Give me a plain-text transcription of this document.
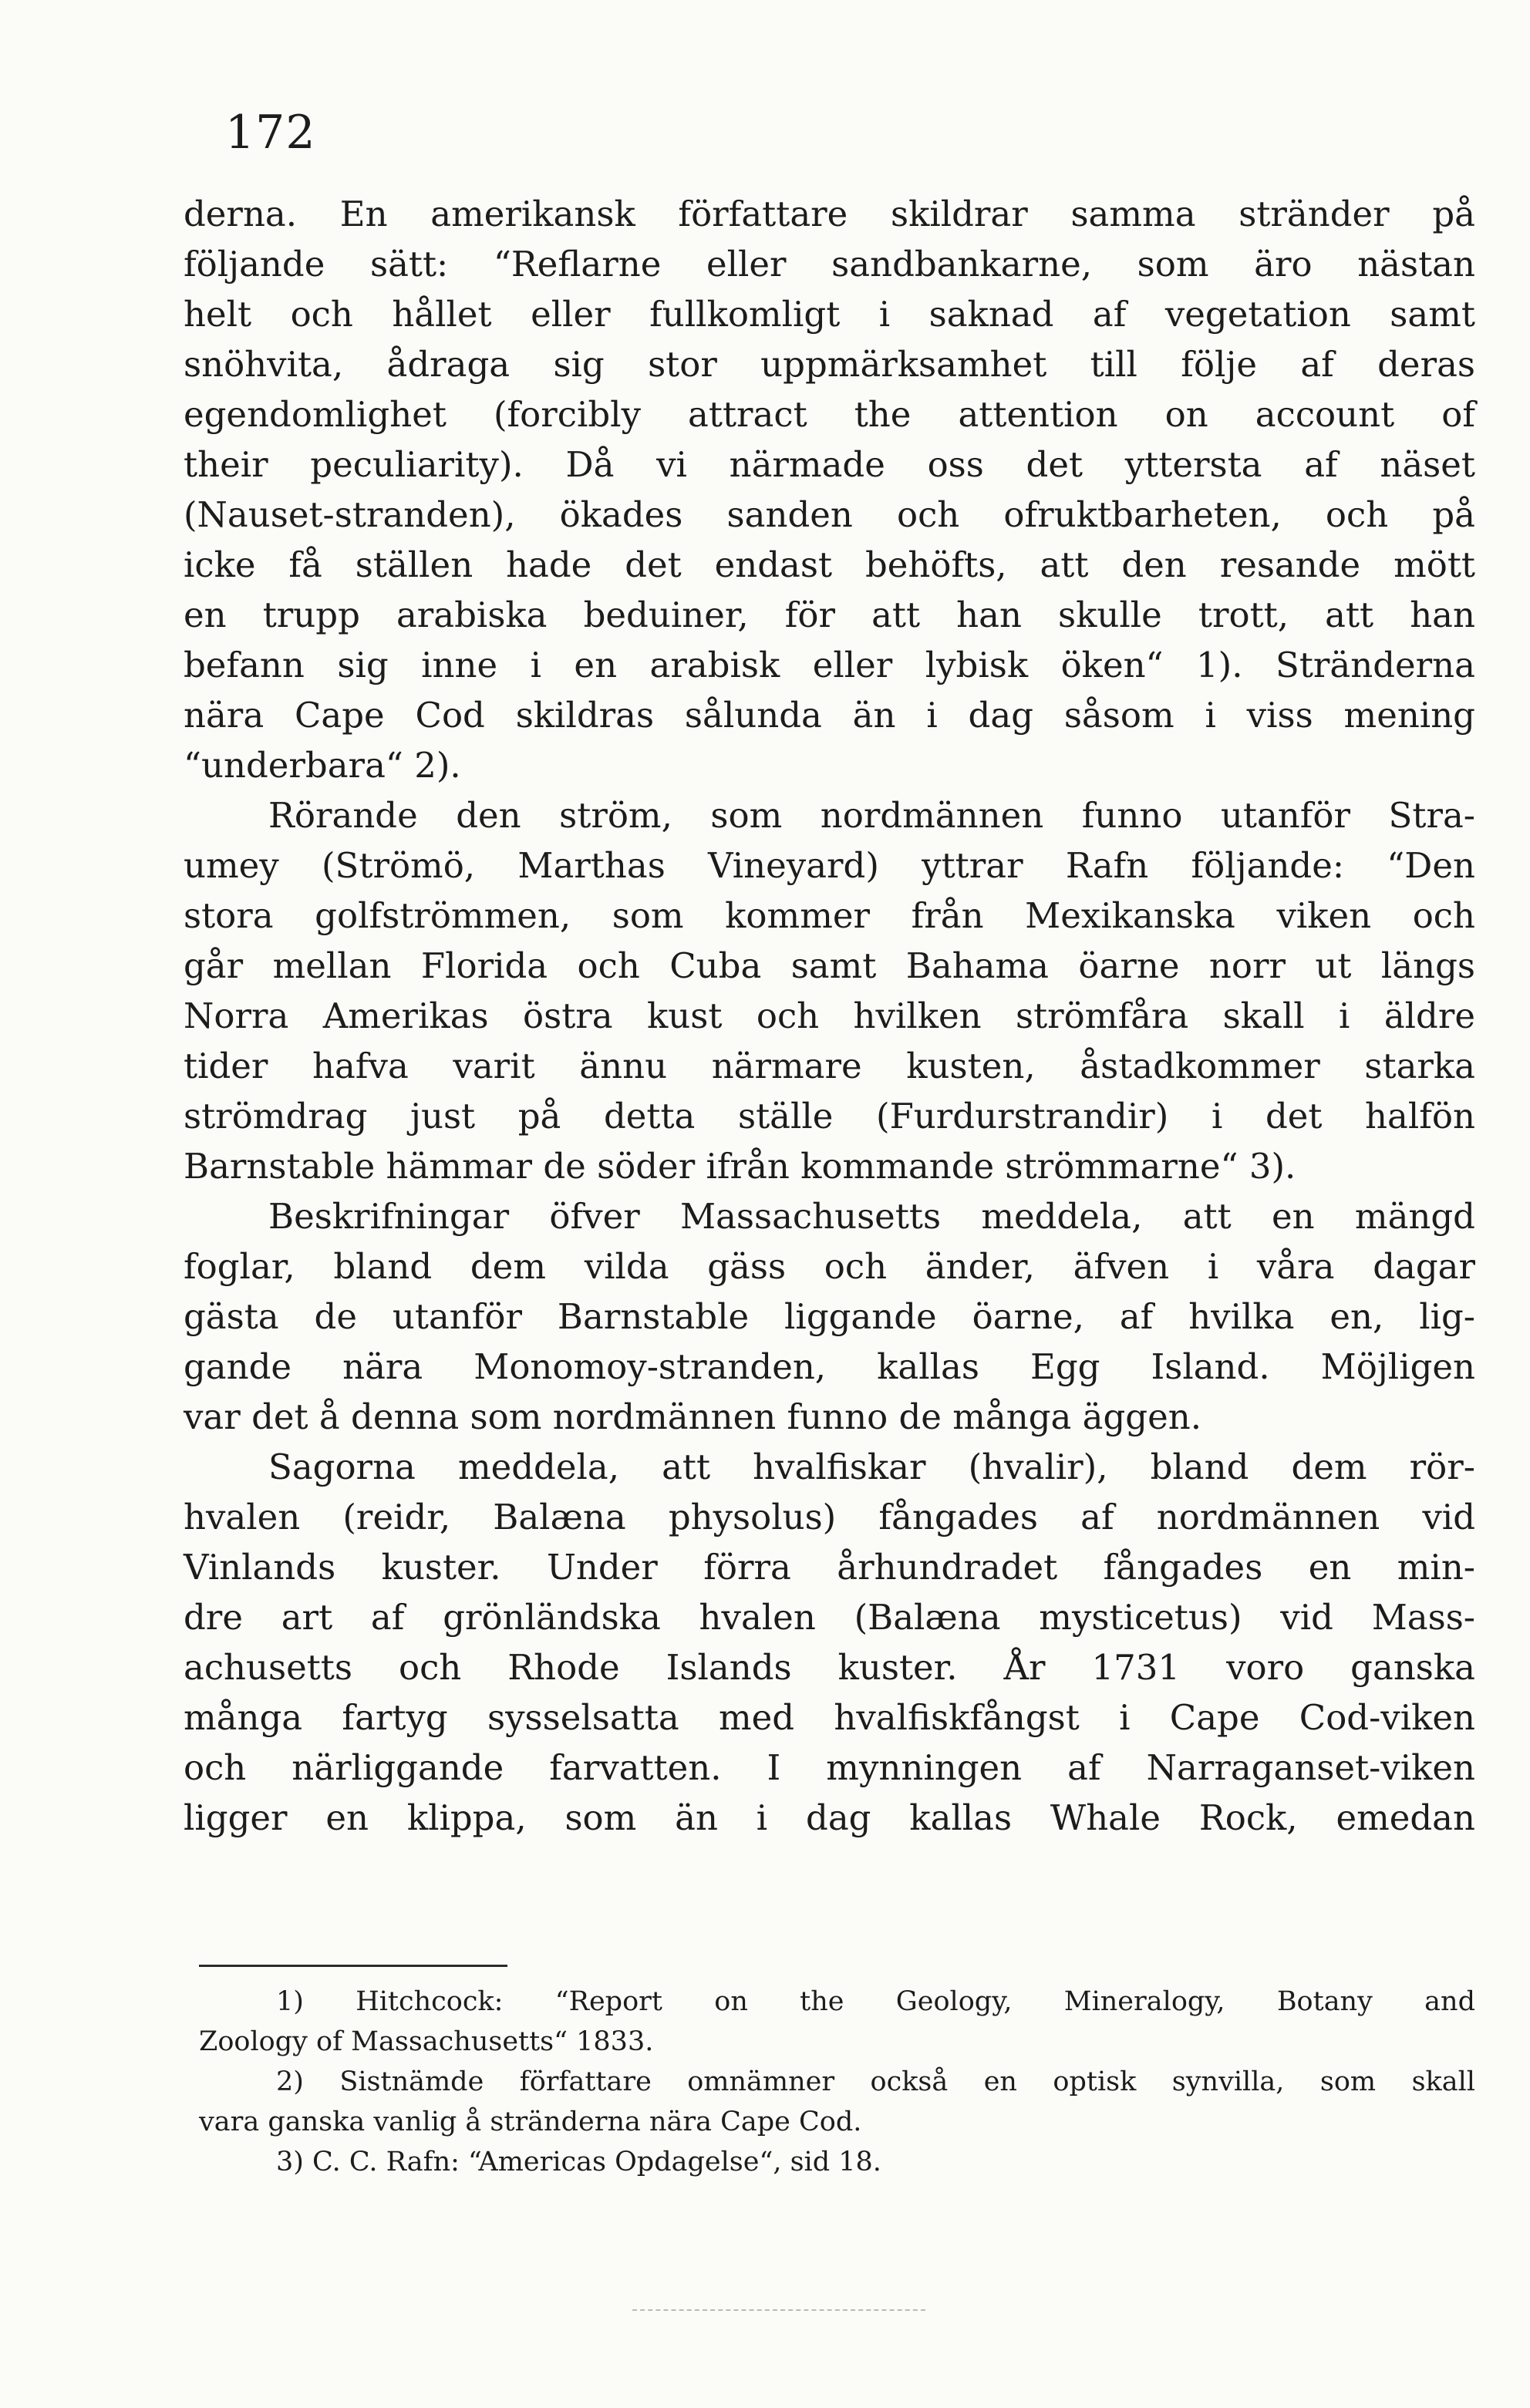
172
derna. En amerikansk författare skildrar samma stränder på
följande sätt: “Reflarne eller sandbankarne, som äro nästan
helt och hållet eller fullkomligt i saknad af vegetation samt
snöhvita, ådraga sig stor uppmärksamhet till följe af deras
egendomlighet (forcibly attract the attention on account of
their peculiarity). Då vi närmade oss det yttersta af näset
(Nauset-stranden), ökades sanden och ofruktbarheten, och på
icke få ställen hade det endast behöfts, att den resande mött
en trupp arabiska beduiner, för att han skulle trott, att han
befann sig inne i en arabisk eller lybisk öken“ 1). Stränderna
nära Cape Cod skildras sålunda än i dag såsom i viss mening
“underbara“ 2).
Rörande den ström, som nordmännen funno utanför Stra-
umey (Strömö, Marthas Vineyard) yttrar Rafn följande: “Den
stora golfströmmen, som kommer från Mexikanska viken och
går mellan Florida och Cuba samt Bahama öarne norr ut längs
Norra Amerikas östra kust och hvilken strömfåra skall i äldre
tider hafva varit ännu närmare kusten, åstadkommer starka
strömdrag just på detta ställe (Furdurstrandir) i det halfön
Barnstable hämmar de söder ifrån kommande strömmarne“ 3).
Beskrifningar öfver Massachusetts meddela, att en mängd
foglar, bland dem vilda gäss och änder, äfven i våra dagar
gästa de utanför Barnstable liggande öarne, af hvilka en, lig-
gande nära Monomoy-stranden, kallas Egg Island. Möjligen
var det å denna som nordmännen funno de många äggen.
Sagorna meddela, att hvalfiskar (hvalir), bland dem rör-
hvalen (reidr, Balæna physolus) fångades af nordmännen vid
Vinlands kuster. Under förra århundradet fångades en min-
dre art af grönländska hvalen (Balæna mysticetus) vid Mass-
achusetts och Rhode Islands kuster. År 1731 voro ganska
många fartyg sysselsatta med hvalfiskfångst i Cape Cod-viken
och närliggande farvatten. I mynningen af Narraganset-viken
ligger en klippa, som än i dag kallas Whale Rock, emedan
1) Hitchcock: “Report on the Geology, Mineralogy, Botany and
Zoology of Massachusetts“ 1833.
2) Sistnämde författare omnämner också en optisk synvilla, som skall
vara ganska vanlig å stränderna nära Cape Cod.
3) C. C. Rafn: “Americas Opdagelse“, sid 18.
